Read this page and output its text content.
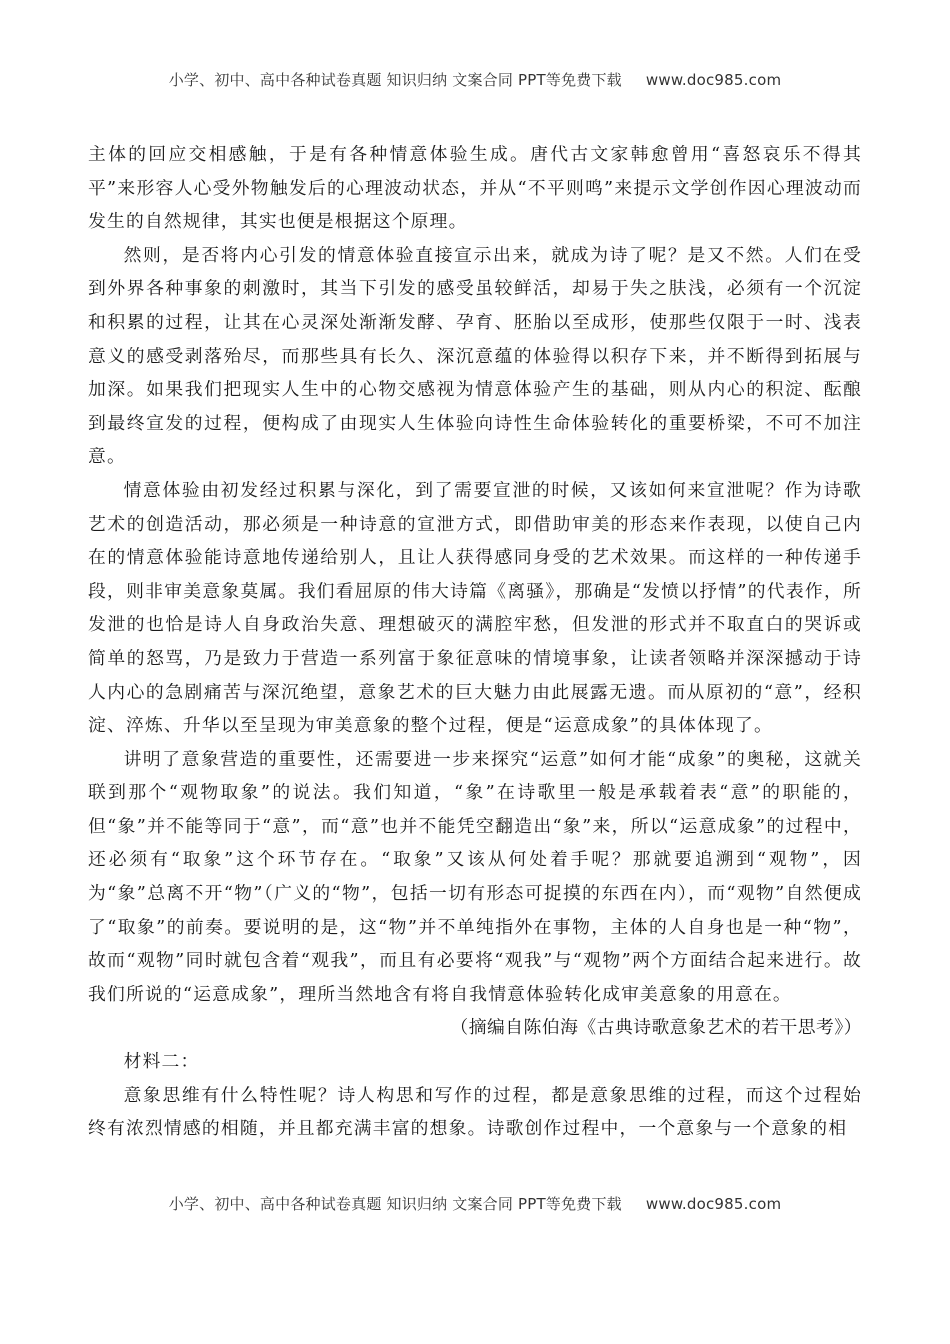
小学、初中、高中各种试卷真题 知识归纳 文案合同 PPT等免费下载 www.doc985.com

主体的回应交相感触，于是有各种情意体验生成。唐代古文家韩愈曾用“喜怒哀乐不得其平”来形容人心受外物触发后的心理波动状态，并从“不平则鸣”来提示文学创作因心理波动而发生的自然规律，其实也便是根据这个原理。

然则，是否将内心引发的情意体验直接宣示出来，就成为诗了呢？是又不然。人们在受到外界各种事象的刺激时，其当下引发的感受虽较鲜活，却易于失之肤浅，必须有一个沉淀和积累的过程，让其在心灵深处渐渐发酵、孕育、胚胎以至成形，使那些仅限于一时、浅表意义的感受剥落殆尽，而那些具有长久、深沉意蕴的体验得以积存下来，并不断得到拓展与加深。如果我们把现实人生中的心物交感视为情意体验产生的基础，则从内心的积淀、酝酿到最终宣发的过程，便构成了由现实人生体验向诗性生命体验转化的重要桥梁，不可不加注意。

情意体验由初发经过积累与深化，到了需要宣泄的时候，又该如何来宣泄呢？作为诗歌艺术的创造活动，那必须是一种诗意的宣泄方式，即借助审美的形态来作表现，以使自己内在的情意体验能诗意地传递给别人，且让人获得感同身受的艺术效果。而这样的一种传递手段，则非审美意象莫属。我们看屈原的伟大诗篇《离骚》，那确是“发愤以抒情”的代表作，所发泄的也恰是诗人自身政治失意、理想破灭的满腔牢愁，但发泄的形式并不取直白的哭诉或简单的怒骂，乃是致力于营造一系列富于象征意味的情境事象，让读者领略并深深撼动于诗人内心的急剧痛苦与深沉绝望，意象艺术的巨大魅力由此展露无遗。而从原初的“意”，经积淀、淬炼、升华以至呈现为审美意象的整个过程，便是“运意成象”的具体体现了。

讲明了意象营造的重要性，还需要进一步来探究“运意”如何才能“成象”的奥秘，这就关联到那个“观物取象”的说法。我们知道，“象”在诗歌里一般是承载着表“意”的职能的，但“象”并不能等同于“意”，而“意”也并不能凭空翻造出“象”来，所以“运意成象”的过程中，还必须有“取象”这个环节存在。“取象”又该从何处着手呢？那就要追溯到“观物”，因为“象”总离不开“物”（广义的“物”，包括一切有形态可捉摸的东西在内），而“观物”自然便成了“取象”的前奏。要说明的是，这“物”并不单纯指外在事物，主体的人自身也是一种“物”，故而“观物”同时就包含着“观我”，而且有必要将“观我”与“观物”两个方面结合起来进行。故我们所说的“运意成象”，理所当然地含有将自我情意体验转化成审美意象的用意在。

（摘编自陈伯海《古典诗歌意象艺术的若干思考》）

材料二：

意象思维有什么特性呢？诗人构思和写作的过程，都是意象思维的过程，而这个过程始终有浓烈情感的相随，并且都充满丰富的想象。诗歌创作过程中，一个意象与一个意象的相

小学、初中、高中各种试卷真题 知识归纳 文案合同 PPT等免费下载 www.doc985.com
